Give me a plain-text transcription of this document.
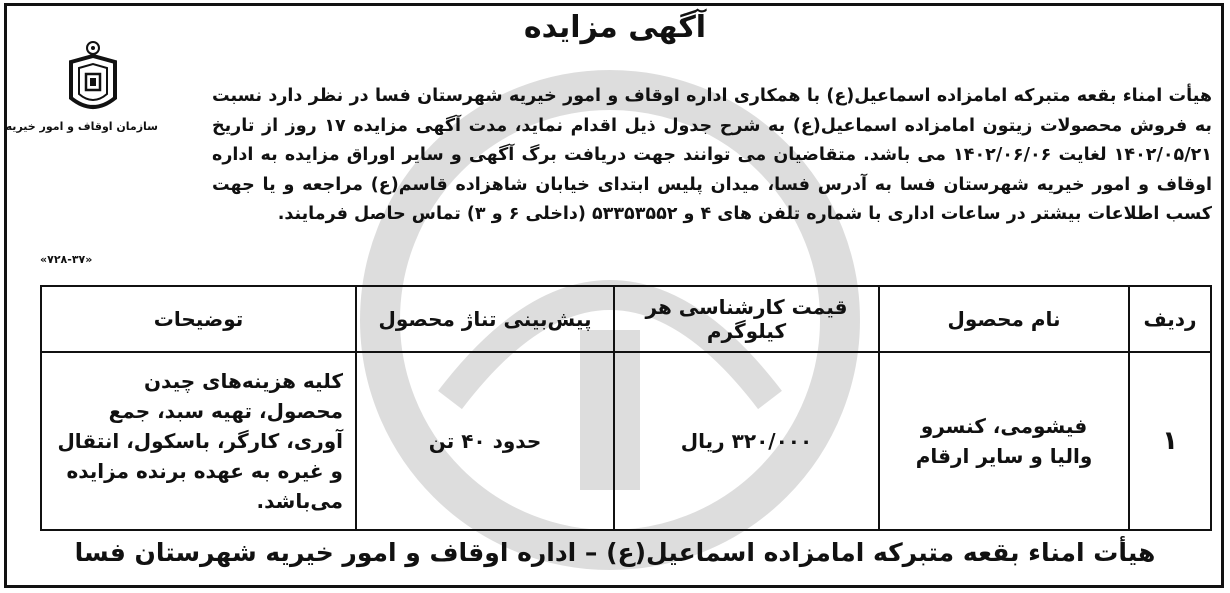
سازمان اوقاف و امور خیریه
آگهی مزایده
هیأت امناء بقعه متبرکه امامزاده اسماعیل(ع) با همکاری اداره اوقاف و امور خیریه شهرستان فسا در نظر دارد نسبت به فروش محصولات زیتون امامزاده اسماعیل(ع) به شرح جدول ذیل اقدام نماید، مدت آگهی مزایده ۱۷ روز از تاریخ ۱۴۰۲/۰۵/۲۱ لغایت ۱۴۰۲/۰۶/۰۶ می باشد. متقاضیان می توانند جهت دریافت برگ آگهی و سایر اوراق مزایده به اداره اوقاف و امور خیریه شهرستان فسا به آدرس فسا، میدان پلیس ابتدای خیابان شاهزاده قاسم(ع) مراجعه و یا جهت کسب اطلاعات بیشتر در ساعات اداری با شماره تلفن های ۴ و ۵۳۳۵۳۵۵۲ (داخلی ۶ و ۳) تماس حاصل فرمایند.
«۷۲۸-۳۷»
ردیف	نام محصول	قیمت کارشناسی هر کیلوگرم	پیش‌بینی تناژ محصول	توضیحات
۱	فیشومی، کنسرو والیا و سایر ارقام	۳۲۰/۰۰۰ ریال	حدود ۴۰ تن	کلیه هزینه‌های چیدن محصول، تهیه سبد، جمع آوری، کارگر، باسکول، انتقال و غیره به عهده برنده مزایده می‌باشد.
هیأت امناء بقعه متبرکه امامزاده اسماعیل(ع) – اداره اوقاف و امور خیریه شهرستان فسا
